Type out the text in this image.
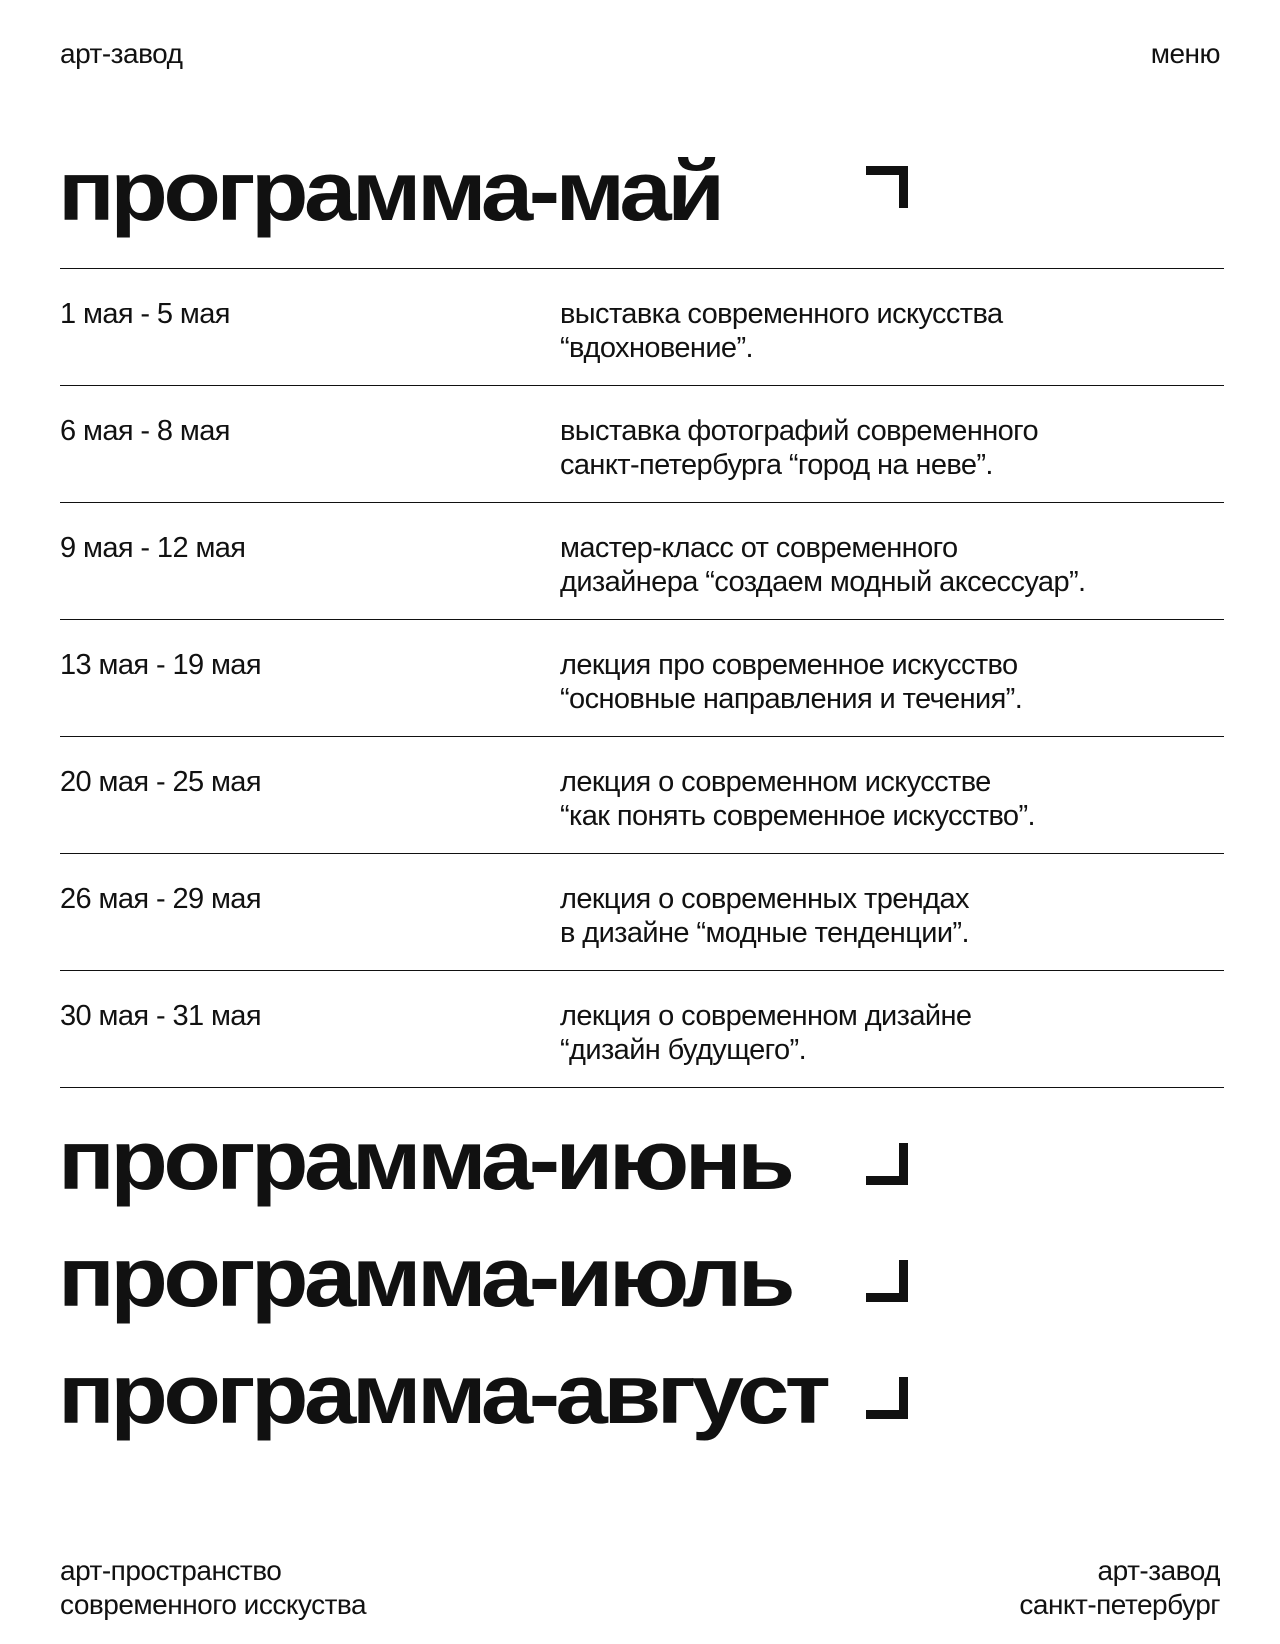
арт-завод	меню
программа-май
1 мая - 5 мая	выставка современного искусства
“вдохновение”.
6 мая - 8 мая	выставка фотографий современного
санкт-петербурга “город на неве”.
9 мая - 12 мая	мастер-класс от современного
дизайнера “создаем модный аксессуар”.
13 мая - 19 мая	лекция про современное искусство
“основные направления и течения”.
20 мая - 25 мая	лекция о современном искусстве
“как понять современное искусство”.
26 мая - 29 мая	лекция о современных трендах
в дизайне “модные тенденции”.
30 мая - 31 мая	лекция о современном дизайне
“дизайн будущего”.
программа-июнь
программа-июль
программа-август
арт-пространство
современного исскуства
арт-завод
санкт-петербург
